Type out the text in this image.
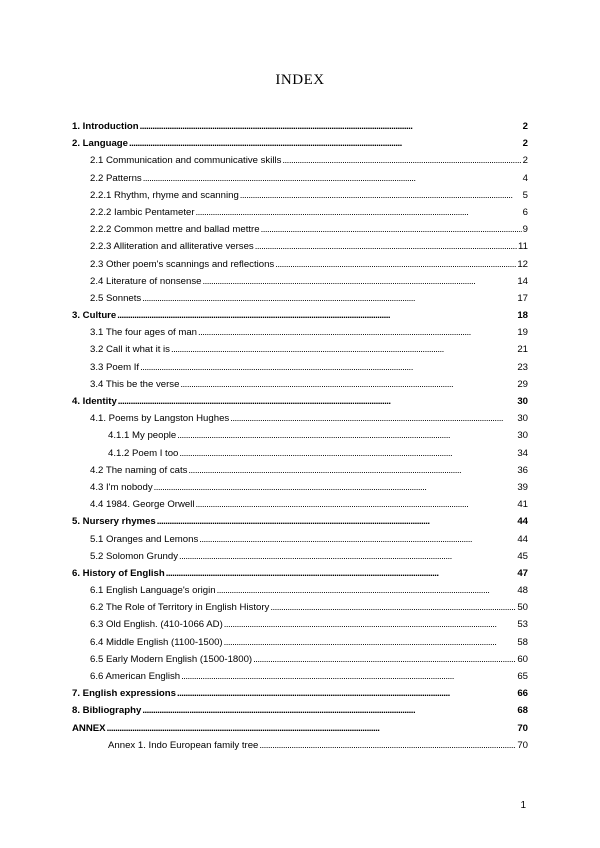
INDEX
1. Introduction . . .	2
2. Language . . .	2
2.1 Communication and communicative skills . . .	2
2.2 Patterns . . .	4
2.2.1 Rhythm, rhyme and scanning . . .	5
2.2.2 Iambic Pentameter . . .	6
2.2.2 Common mettre and ballad mettre . . .	9
2.2.3 Alliteration and alliterative verses . . .	11
2.3 Other poem's scannings and reflections . . .	12
2.4 Literature of nonsense . . .	14
2.5 Sonnets . . .	17
3. Culture . . .	18
3.1 The four ages of man . . .	19
3.2 Call it what it is . . .	21
3.3 Poem If . . .	23
3.4 This be the verse . . .	29
4. Identity . . .	30
4.1. Poems by Langston Hughes . . .	30
4.1.1 My people . . .	30
4.1.2 Poem I too . . .	34
4.2 The naming of cats . . .	36
4.3 I'm nobody . . .	39
4.4 1984. George Orwell . . .	41
5. Nursery rhymes . . .	44
5.1 Oranges and Lemons . . .	44
5.2 Solomon Grundy . . .	45
6. History of English . . .	47
6.1 English Language's origin . . .	48
6.2 The Role of Territory in English History . . .	50
6.3 Old English. (410-1066 AD) . . .	53
6.4 Middle English (1100-1500) . . .	58
6.5 Early Modern English (1500-1800) . . .	60
6.6 American English . . .	65
7. English expressions . . .	66
8. Bibliography . . .	68
ANNEX . . .	70
Annex 1. Indo European family tree . . .	70
1
